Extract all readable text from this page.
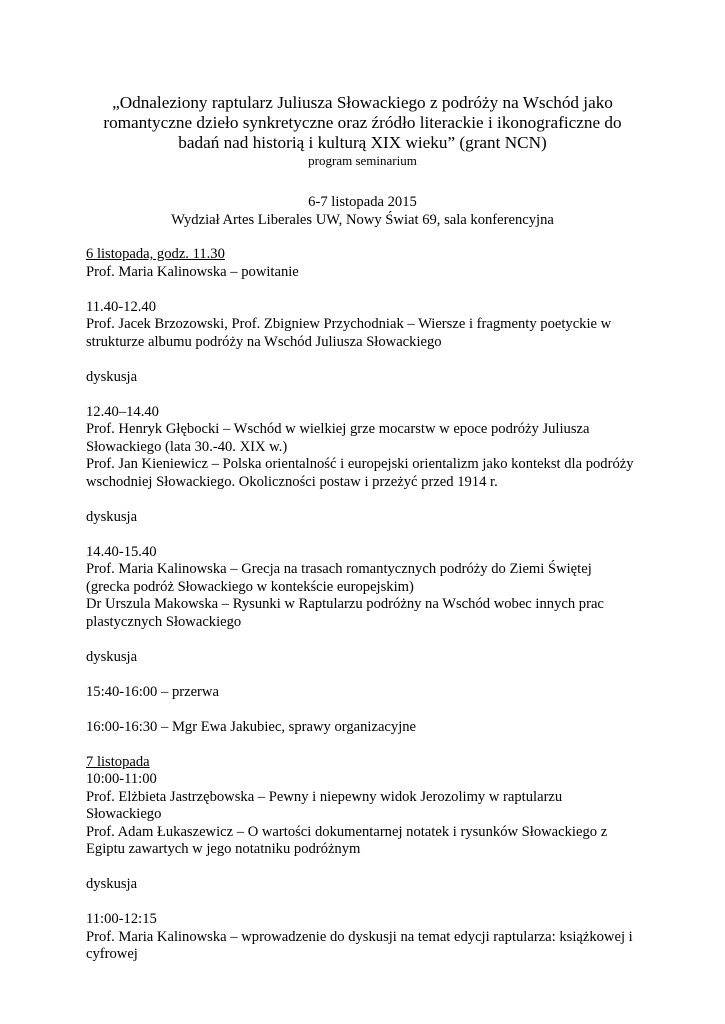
„Odnaleziony raptularz Juliusza Słowackiego z podróży na Wschód jako
romantyczne dzieło synkretyczne oraz źródło literackie i ikonograficzne do
badań nad historią i kulturą XIX wieku” (grant NCN)

program seminarium

6-7 listopada 2015
Wydział Artes Liberales UW, Nowy Świat 69, sala konferencyjna
6 listopada, godz. 11.30
Prof. Maria Kalinowska – powitanie
11.40-12.40
Prof. Jacek Brzozowski, Prof. Zbigniew Przychodniak – Wiersze i fragmenty poetyckie w
strukturze albumu podróży na Wschód Juliusza Słowackiego
dyskusja
12.40–14.40
Prof. Henryk Głębocki – Wschód w wielkiej grze mocarstw w epoce podróży Juliusza
Słowackiego (lata 30.-40. XIX w.)
Prof. Jan Kieniewicz – Polska orientalność i europejski orientalizm jako kontekst dla podróży
wschodniej Słowackiego. Okoliczności postaw i przeżyć przed 1914 r.
dyskusja
14.40-15.40
Prof. Maria Kalinowska – Grecja na trasach romantycznych podróży do Ziemi Świętej
(grecka podróż Słowackiego w kontekście europejskim)
Dr Urszula Makowska – Rysunki w Raptularzu podróżny na Wschód wobec innych prac
plastycznych Słowackiego
dyskusja
15:40-16:00 – przerwa
16:00-16:30 – Mgr Ewa Jakubiec, sprawy organizacyjne
7 listopada
10:00-11:00
Prof. Elżbieta Jastrzębowska – Pewny i niepewny widok Jerozolimy w raptularzu
Słowackiego
Prof. Adam Łukaszewicz – O wartości dokumentarnej notatek i rysunków Słowackiego z
Egiptu zawartych w jego notatniku podróżnym
dyskusja
11:00-12:15
Prof. Maria Kalinowska – wprowadzenie do dyskusji na temat edycji raptularza: książkowej i
cyfrowej
